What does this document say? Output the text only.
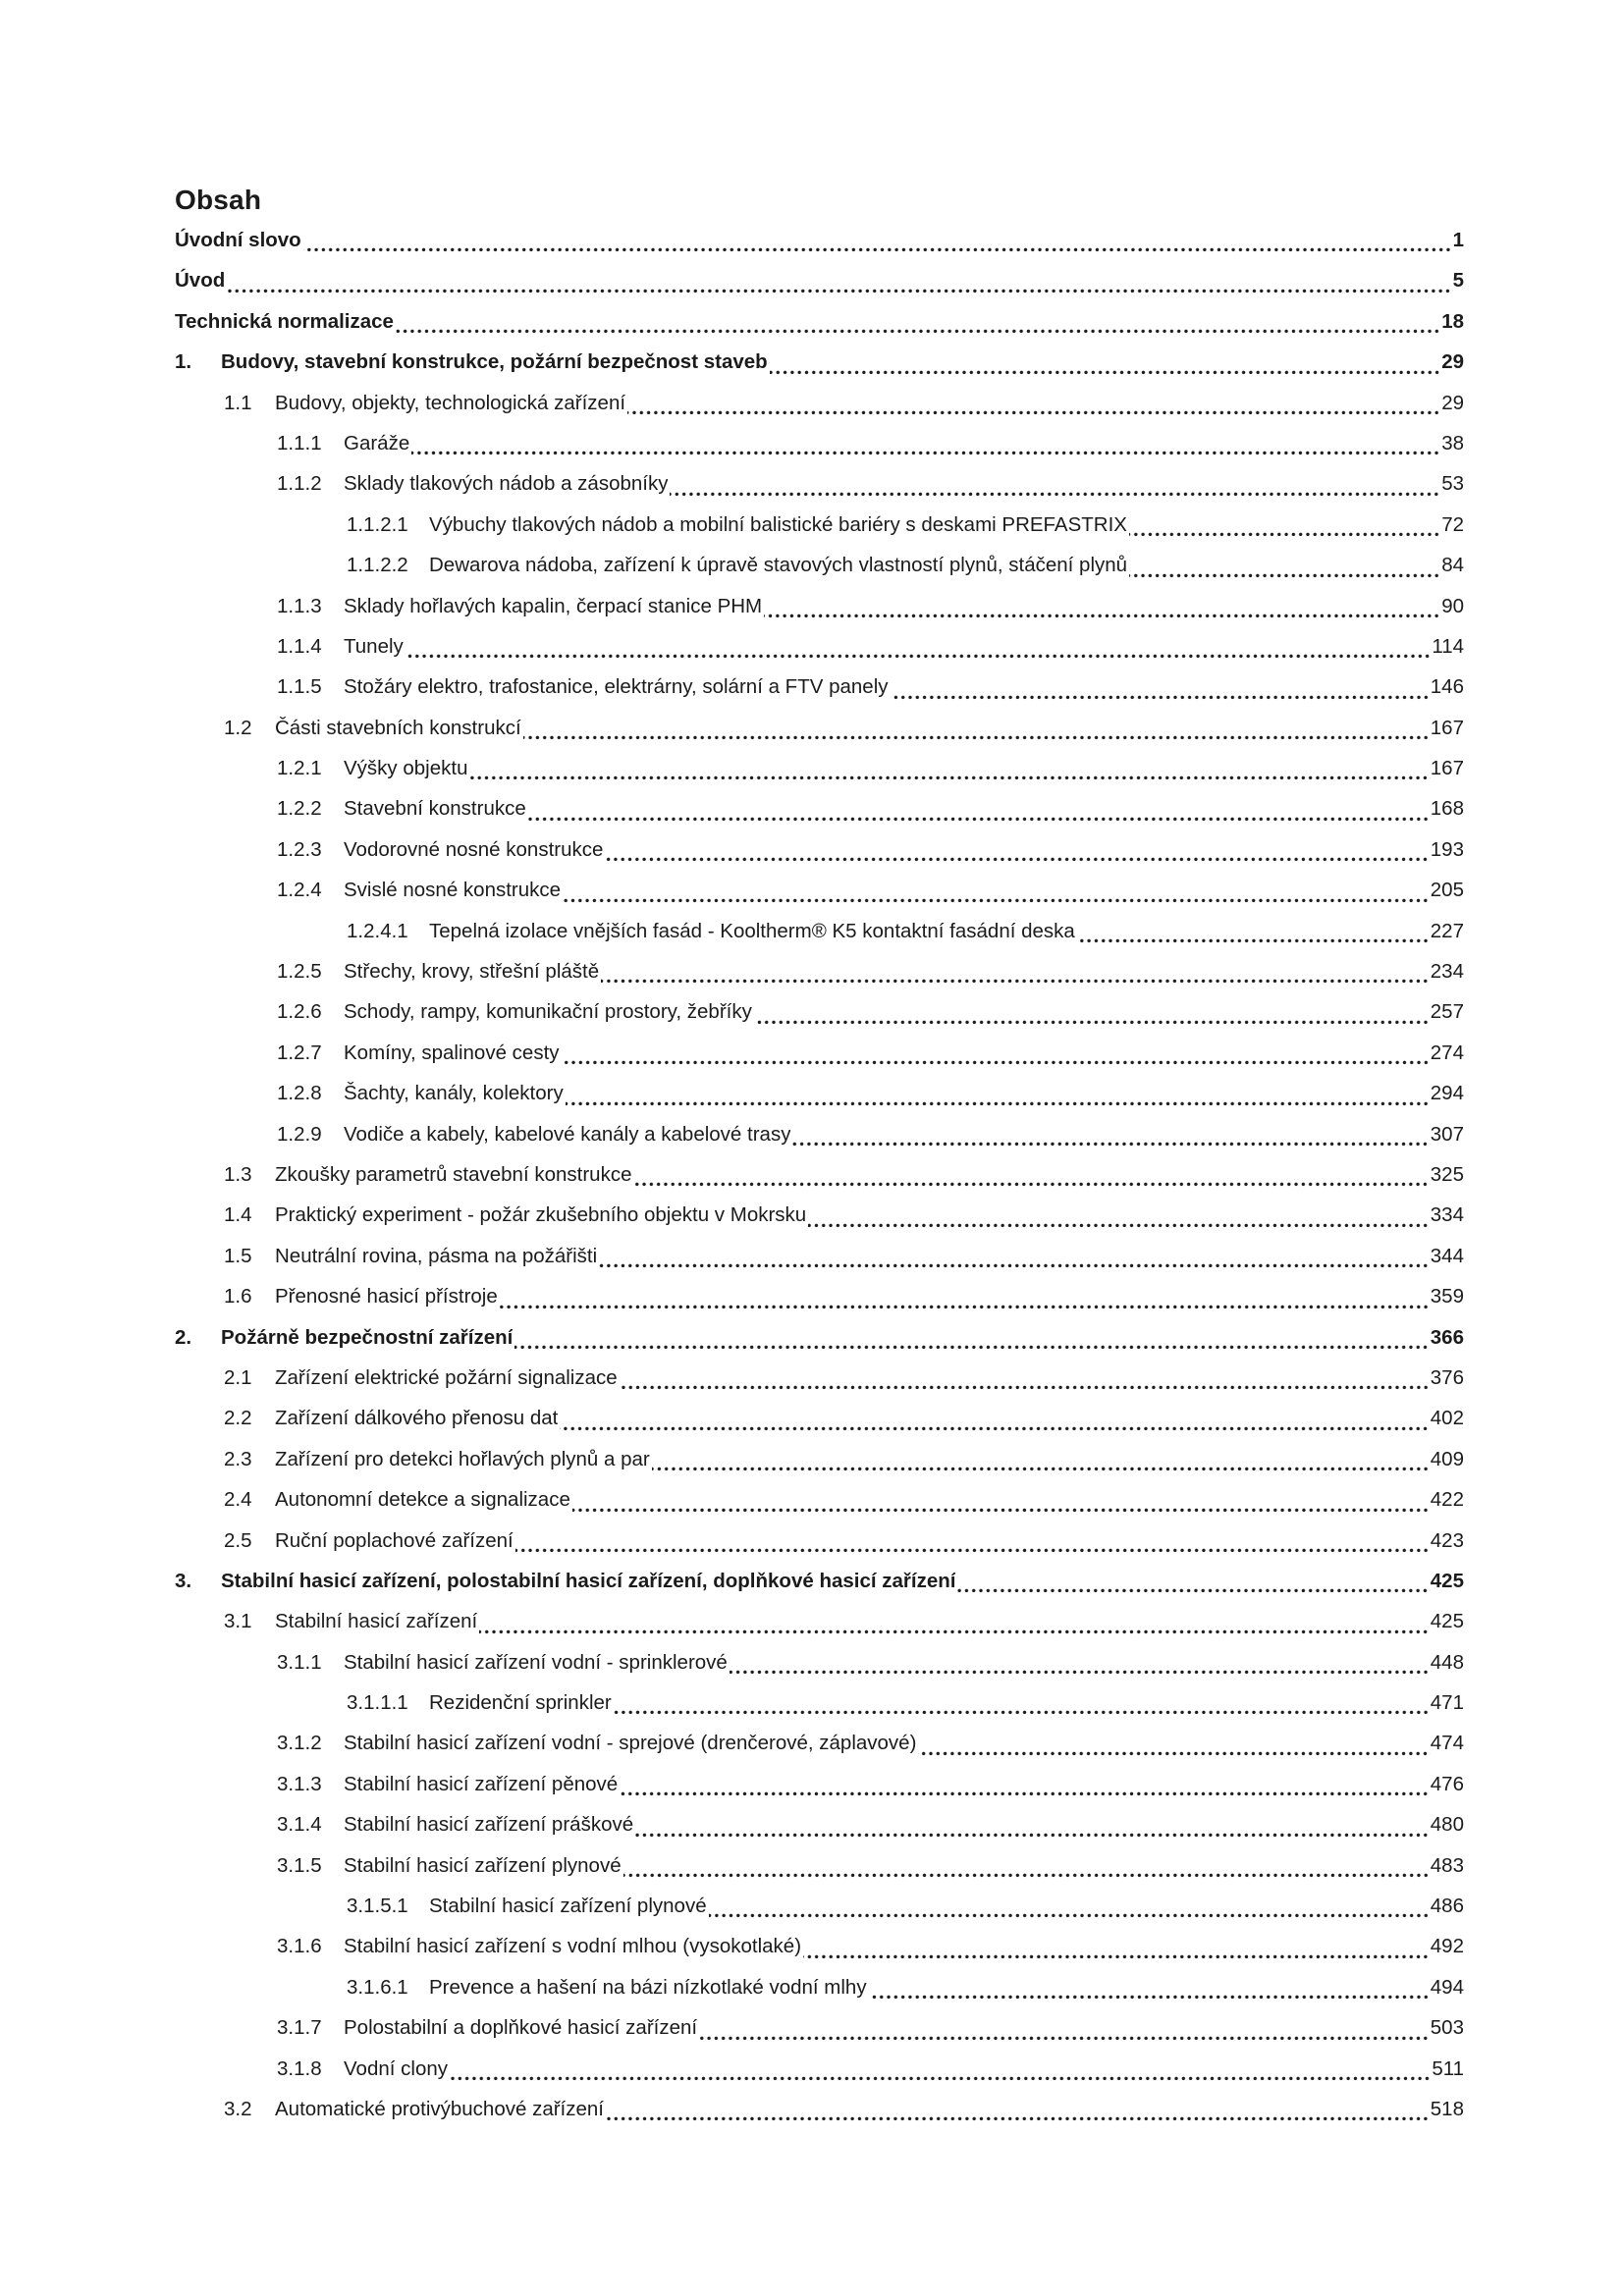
Obsah
Úvodní slovo	1
Úvod	5
Technická normalizace	18
1.	Budovy, stavební konstrukce, požární bezpečnost staveb	29
1.1	Budovy, objekty, technologická zařízení	29
1.1.1	Garáže	38
1.1.2	Sklady tlakových nádob a zásobníky	53
1.1.2.1	Výbuchy tlakových nádob a mobilní balistické bariéry s deskami PREFASTRIX	72
1.1.2.2	Dewarova nádoba, zařízení k úpravě stavových vlastností plynů, stáčení plynů	84
1.1.3	Sklady hořlavých kapalin, čerpací stanice PHM	90
1.1.4	Tunely	114
1.1.5	Stožáry elektro, trafostanice, elektrárny, solární a FTV panely	146
1.2	Části stavebních konstrukcí	167
1.2.1	Výšky objektu	167
1.2.2	Stavební konstrukce	168
1.2.3	Vodorovné nosné konstrukce	193
1.2.4	Svislé nosné konstrukce	205
1.2.4.1	Tepelná izolace vnějších fasád - Kooltherm® K5 kontaktní fasádní deska	227
1.2.5	Střechy, krovy, střešní pláště	234
1.2.6	Schody, rampy, komunikační prostory, žebříky	257
1.2.7	Komíny, spalinové cesty	274
1.2.8	Šachty, kanály, kolektory	294
1.2.9	Vodiče a kabely, kabelové kanály a kabelové trasy	307
1.3	Zkoušky parametrů stavební konstrukce	325
1.4	Praktický experiment - požár zkušebního objektu v Mokrsku	334
1.5	Neutrální rovina, pásma na požářišti	344
1.6	Přenosné hasicí přístroje	359
2.	Požárně bezpečnostní zařízení	366
2.1	Zařízení elektrické požární signalizace	376
2.2	Zařízení dálkového přenosu dat	402
2.3	Zařízení pro detekci hořlavých plynů a par	409
2.4	Autonomní detekce a signalizace	422
2.5	Ruční poplachové zařízení	423
3.	Stabilní hasicí zařízení, polostabilní hasicí zařízení, doplňkové hasicí zařízení	425
3.1	Stabilní hasicí zařízení	425
3.1.1	Stabilní hasicí zařízení vodní - sprinklerové	448
3.1.1.1	Rezidenční sprinkler	471
3.1.2	Stabilní hasicí zařízení vodní - sprejové (drenčerové, záplavové)	474
3.1.3	Stabilní hasicí zařízení pěnové	476
3.1.4	Stabilní hasicí zařízení práškové	480
3.1.5	Stabilní hasicí zařízení plynové	483
3.1.5.1	Stabilní hasicí zařízení plynové	486
3.1.6	Stabilní hasicí zařízení s vodní mlhou (vysokotlaké)	492
3.1.6.1	Prevence a hašení na bázi nízkotlaké vodní mlhy	494
3.1.7	Polostabilní a doplňkové hasicí zařízení	503
3.1.8	Vodní clony	511
3.2	Automatické protivýbuchové zařízení	518
